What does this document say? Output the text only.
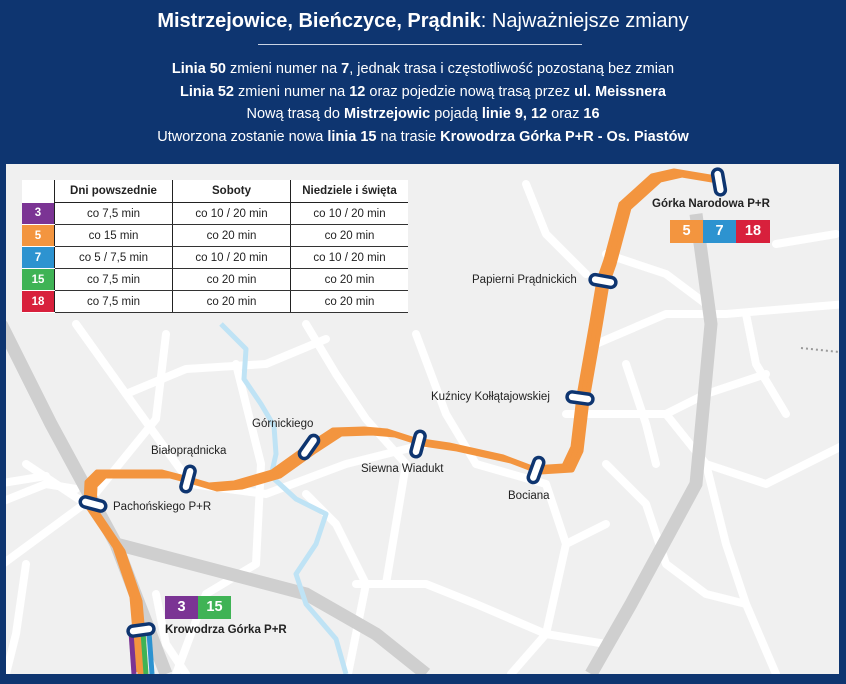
Mistrzejowice, Bieńczyce, Prądnik: Najważniejsze zmiany
Linia 50 zmieni numer na 7, jednak trasa i częstotliwość pozostaną bez zmian
Linia 52 zmieni numer na 12 oraz pojedzie nową trasą przez ul. Meissnera
Nową trasą do Mistrzejowic pojadą linie 9, 12 oraz 16
Utworzona zostanie nowa linia 15 na trasie Krowodrza Górka P+R - Os. Piastów
	Dni powszednie	Soboty	Niedziele i święta
3	co 7,5 min	co 10 / 20 min	co 10 / 20 min
5	co 15 min	co 20 min	co 20 min
7	co 5 / 7,5 min	co 10 / 20 min	co 10 / 20 min
15	co 7,5 min	co 20 min	co 20 min
18	co 7,5 min	co 20 min	co 20 min
Górka Narodowa P+R
5	7	18
Papierni Prądnickich
Kuźnicy Kołłątajowskiej
Bociana
Siewna Wiadukt
Górnickiego
Białoprądnicka
Pachońskiego P+R
3	15
Krowodrza Górka P+R
